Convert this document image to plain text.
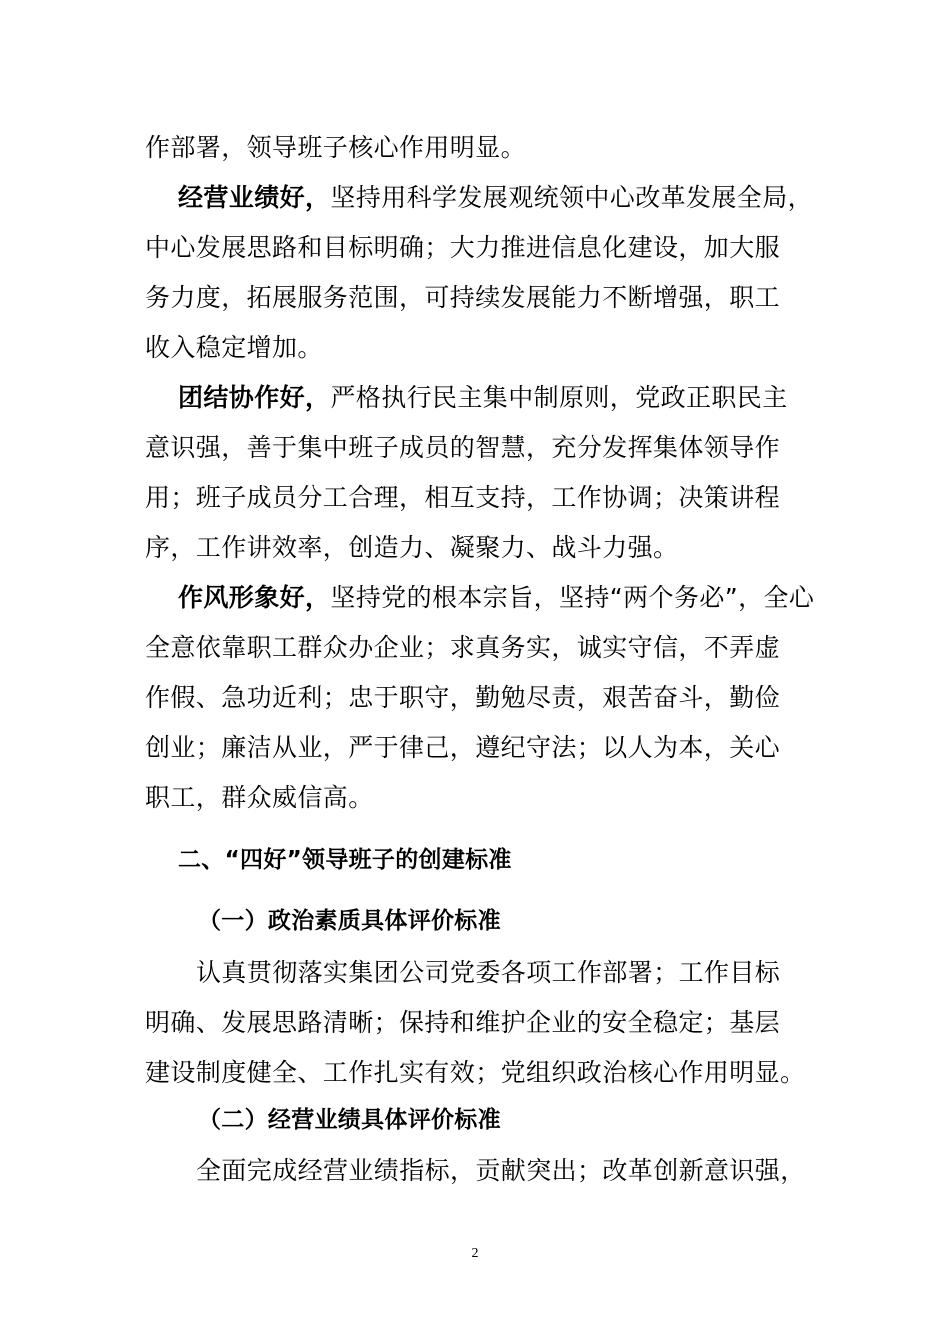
作部署，领导班子核心作用明显。
经营业绩好，坚持用科学发展观统领中心改革发展全局，
中心发展思路和目标明确；大力推进信息化建设，加大服
务力度，拓展服务范围，可持续发展能力不断增强，职工
收入稳定增加。
团结协作好，严格执行民主集中制原则，党政正职民主
意识强，善于集中班子成员的智慧，充分发挥集体领导作
用；班子成员分工合理，相互支持，工作协调；决策讲程
序，工作讲效率，创造力、凝聚力、战斗力强。
作风形象好，坚持党的根本宗旨，坚持“两个务必”，全心
全意依靠职工群众办企业；求真务实，诚实守信，不弄虚
作假、急功近利；忠于职守，勤勉尽责，艰苦奋斗，勤俭
创业；廉洁从业，严于律己，遵纪守法；以人为本，关心
职工，群众威信高。
二、“四好”领导班子的创建标准
（一）政治素质具体评价标准
认真贯彻落实集团公司党委各项工作部署；工作目标
明确、发展思路清晰；保持和维护企业的安全稳定；基层
建设制度健全、工作扎实有效；党组织政治核心作用明显。
（二）经营业绩具体评价标准
全面完成经营业绩指标，贡献突出；改革创新意识强，
2
